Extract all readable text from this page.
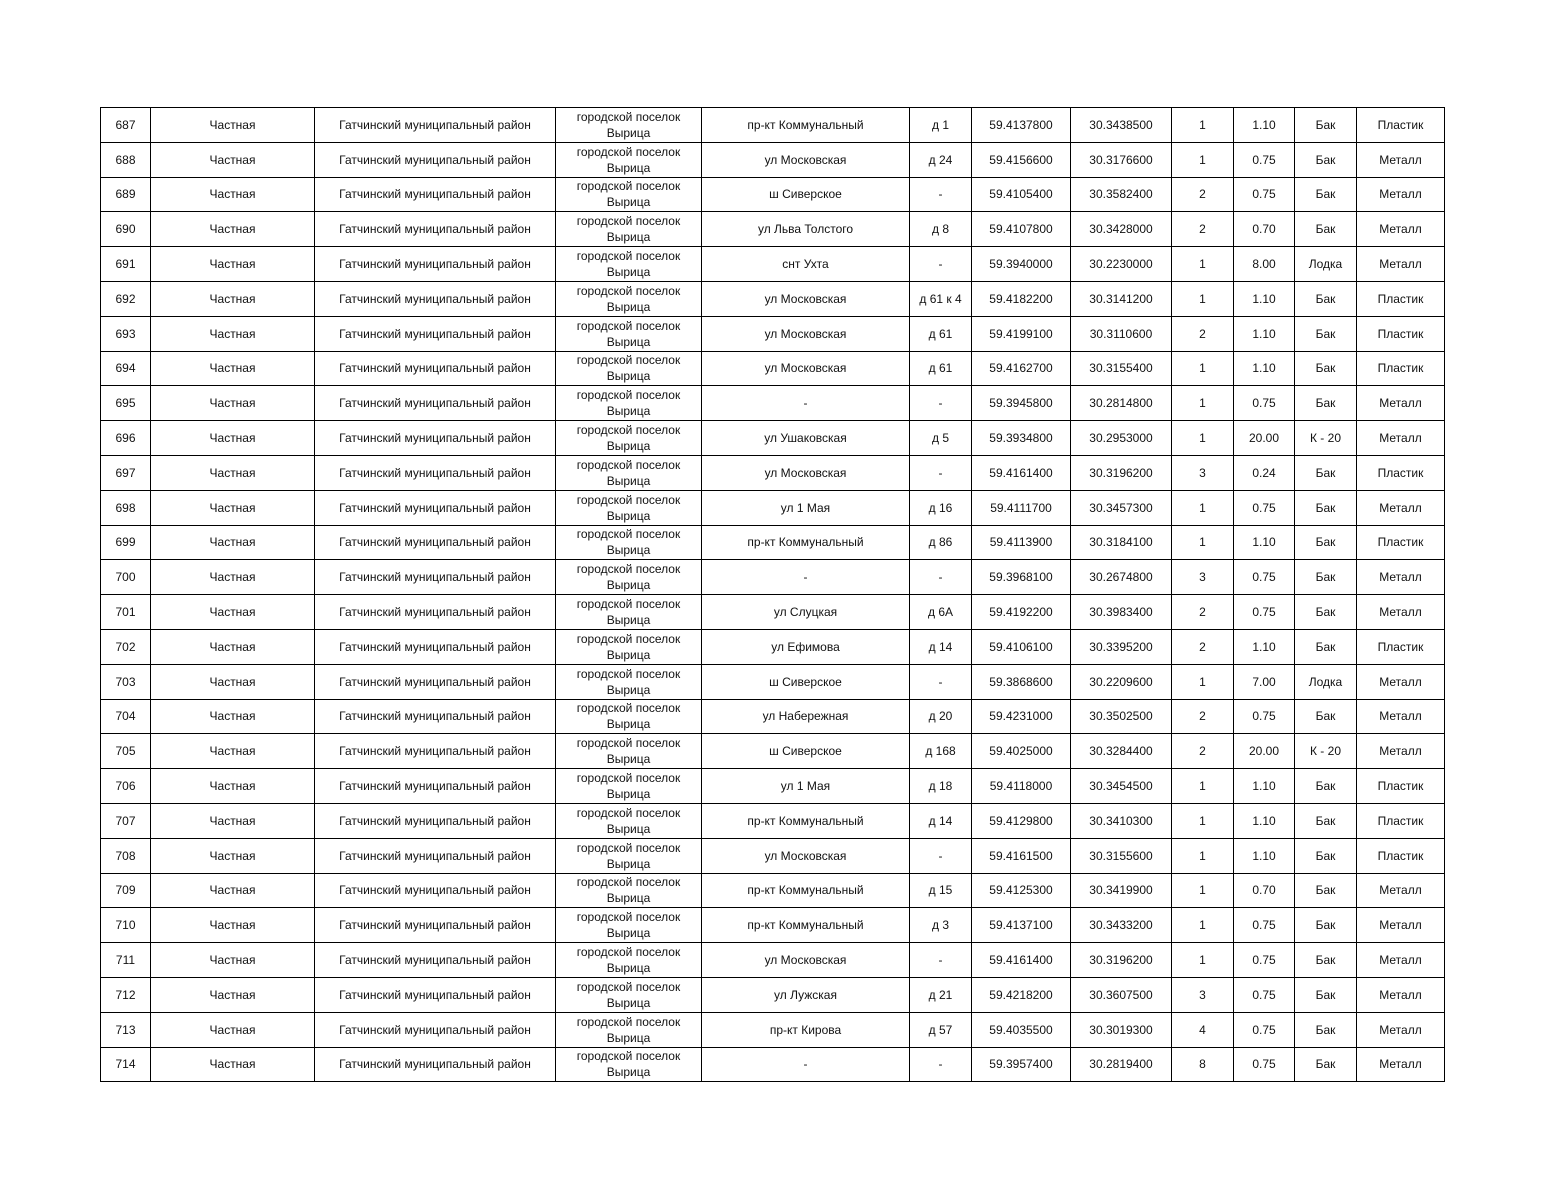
687	Частная	Гатчинский муниципальный район	городской поселок
Вырица	пр-кт Коммунальный	д 1	59.4137800	30.3438500	1	1.10	Бак	Пластик
688	Частная	Гатчинский муниципальный район	городской поселок
Вырица	ул Московская	д 24	59.4156600	30.3176600	1	0.75	Бак	Металл
689	Частная	Гатчинский муниципальный район	городской поселок
Вырица	ш Сиверское	-	59.4105400	30.3582400	2	0.75	Бак	Металл
690	Частная	Гатчинский муниципальный район	городской поселок
Вырица	ул Льва Толстого	д 8	59.4107800	30.3428000	2	0.70	Бак	Металл
691	Частная	Гатчинский муниципальный район	городской поселок
Вырица	снт Ухта	-	59.3940000	30.2230000	1	8.00	Лодка	Металл
692	Частная	Гатчинский муниципальный район	городской поселок
Вырица	ул Московская	д 61 к 4	59.4182200	30.3141200	1	1.10	Бак	Пластик
693	Частная	Гатчинский муниципальный район	городской поселок
Вырица	ул Московская	д 61	59.4199100	30.3110600	2	1.10	Бак	Пластик
694	Частная	Гатчинский муниципальный район	городской поселок
Вырица	ул Московская	д 61	59.4162700	30.3155400	1	1.10	Бак	Пластик
695	Частная	Гатчинский муниципальный район	городской поселок
Вырица	-	-	59.3945800	30.2814800	1	0.75	Бак	Металл
696	Частная	Гатчинский муниципальный район	городской поселок
Вырица	ул Ушаковская	д 5	59.3934800	30.2953000	1	20.00	К - 20	Металл
697	Частная	Гатчинский муниципальный район	городской поселок
Вырица	ул Московская	-	59.4161400	30.3196200	3	0.24	Бак	Пластик
698	Частная	Гатчинский муниципальный район	городской поселок
Вырица	ул 1 Мая	д 16	59.4111700	30.3457300	1	0.75	Бак	Металл
699	Частная	Гатчинский муниципальный район	городской поселок
Вырица	пр-кт Коммунальный	д 86	59.4113900	30.3184100	1	1.10	Бак	Пластик
700	Частная	Гатчинский муниципальный район	городской поселок
Вырица	-	-	59.3968100	30.2674800	3	0.75	Бак	Металл
701	Частная	Гатчинский муниципальный район	городской поселок
Вырица	ул Слуцкая	д 6А	59.4192200	30.3983400	2	0.75	Бак	Металл
702	Частная	Гатчинский муниципальный район	городской поселок
Вырица	ул Ефимова	д 14	59.4106100	30.3395200	2	1.10	Бак	Пластик
703	Частная	Гатчинский муниципальный район	городской поселок
Вырица	ш Сиверское	-	59.3868600	30.2209600	1	7.00	Лодка	Металл
704	Частная	Гатчинский муниципальный район	городской поселок
Вырица	ул Набережная	д 20	59.4231000	30.3502500	2	0.75	Бак	Металл
705	Частная	Гатчинский муниципальный район	городской поселок
Вырица	ш Сиверское	д 168	59.4025000	30.3284400	2	20.00	К - 20	Металл
706	Частная	Гатчинский муниципальный район	городской поселок
Вырица	ул 1 Мая	д 18	59.4118000	30.3454500	1	1.10	Бак	Пластик
707	Частная	Гатчинский муниципальный район	городской поселок
Вырица	пр-кт Коммунальный	д 14	59.4129800	30.3410300	1	1.10	Бак	Пластик
708	Частная	Гатчинский муниципальный район	городской поселок
Вырица	ул Московская	-	59.4161500	30.3155600	1	1.10	Бак	Пластик
709	Частная	Гатчинский муниципальный район	городской поселок
Вырица	пр-кт Коммунальный	д 15	59.4125300	30.3419900	1	0.70	Бак	Металл
710	Частная	Гатчинский муниципальный район	городской поселок
Вырица	пр-кт Коммунальный	д 3	59.4137100	30.3433200	1	0.75	Бак	Металл
711	Частная	Гатчинский муниципальный район	городской поселок
Вырица	ул Московская	-	59.4161400	30.3196200	1	0.75	Бак	Металл
712	Частная	Гатчинский муниципальный район	городской поселок
Вырица	ул Лужская	д 21	59.4218200	30.3607500	3	0.75	Бак	Металл
713	Частная	Гатчинский муниципальный район	городской поселок
Вырица	пр-кт Кирова	д 57	59.4035500	30.3019300	4	0.75	Бак	Металл
714	Частная	Гатчинский муниципальный район	городской поселок
Вырица	-	-	59.3957400	30.2819400	8	0.75	Бак	Металл
